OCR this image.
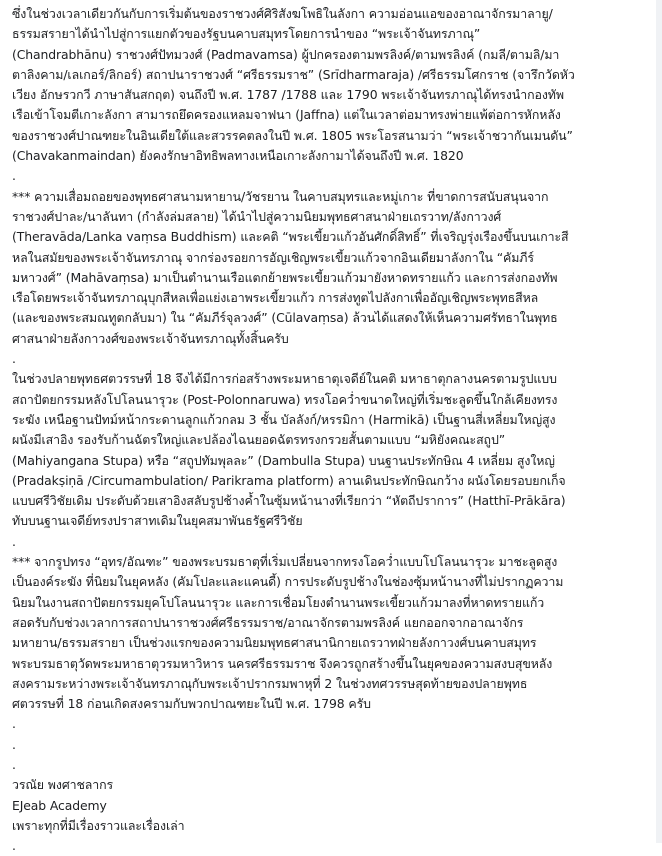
ซึ่งในช่วงเวลาเดียวกันกับการเริ่มต้นของราชวงศ์ศิริสังฆโพธิในลังกา ความอ่อนแอของอาณาจักรมาลายู/
ธรรมสรายาได้นำไปสู่การแยกตัวของรัฐบนคาบสมุทรโดยการนำของ “พระเจ้าจันทรภาณุ”
(Chandrabhānu) ราชวงศ์ปัทมวงศ์ (Padmavamsa) ผู้ปกครองตามพรลิงค์/ตามพรลิงค์ (กมลี/ตามลิ/มา
ตาลิงคาม/เลเกอร์/ลิกอร์) สถาปนาราชวงศ์ “ศรีธรรมราช” (Srīdharmaraja) /ศรีธรรมโศกราช (จารึกวัดหัว
เวียง อักษรวกวี ภาษาสันสกฤต) จนถึงปี พ.ศ. 1787 /1788 และ 1790 พระเจ้าจันทรภาณุได้ทรงนำกองทัพ
เรือเข้าโจมตีเกาะลังกา สามารถยึดครองแหลมจาฟนา (Jaffna) แต่ในเวลาต่อมาทรงพ่ายแพ้ต่อการหักหลัง
ของราชวงศ์ปาณฑยะในอินเดียใต้และสวรรคตลงในปี พ.ศ. 1805 พระโอรสนามว่า “พระเจ้าชวากันเมนดัน”
(Chavakanmaindan) ยังคงรักษาอิทธิพลทางเหนือเกาะลังกามาได้จนถึงปี พ.ศ. 1820
.
*** ความเสื่อมถอยของพุทธศาสนามหายาน/วัชรยาน ในคาบสมุทรและหมู่เกาะ ที่ขาดการสนับสนุนจาก
ราชวงศ์ปาละ/นาลันทา (กำลังล่มสลาย) ได้นำไปสู่ความนิยมพุทธศาสนาฝ่ายเถรวาท/ลังกาวงศ์
(Theravāda/Lanka vaṃsa Buddhism) และคติ “พระเขี้ยวแก้วอันศักดิ์สิทธิ์” ที่เจริญรุ่งเรืองขึ้นบนเกาะสี
หลในสมัยของพระเจ้าจันทรภาณุ จากร่องรอยการอัญเชิญพระเขี้ยวแก้วจากอินเดียมาลังกาใน “คัมภีร์
มหาวงศ์” (Mahāvaṃsa) มาเป็นตำนานเรือแตกย้ายพระเขี้ยวแก้วมายังหาดทรายแก้ว และการส่งกองทัพ
เรือโดยพระเจ้าจันทรภาณุบุกสีหลเพื่อแย่งเอาพระเขี้ยวแก้ว การส่งทูตไปลังกาเพื่ออัญเชิญพระพุทธสีหล
(และของพระสมณทูตกลับมา) ใน “คัมภีร์จุลวงศ์” (Cūlavaṃsa) ล้วนได้แสดงให้เห็นความศรัทธาในพุทธ
ศาสนาฝ่ายลังกาวงศ์ของพระเจ้าจันทรภาณุทั้งสิ้นครับ
.
ในช่วงปลายพุทธศตวรรษที่ 18 จึงได้มีการก่อสร้างพระมหาธาตุเจดีย์ในคติ มหาธาตุกลางนครตามรูปแบบ
สถาปัตยกรรมหลังโปโลนนารุวะ (Post-Polonnaruwa) ทรงโอคว่ำขนาดใหญ่ที่เริ่มชะลูดขึ้นใกล้เคียงทรง
ระฆัง เหนือฐานปัทม์หน้ากระดานลูกแก้วกลม 3 ชั้น บัลลังก์/หรรมิกา (Harmikā) เป็นฐานสี่เหลี่ยมใหญ่สูง
ผนังมีเสาอิง รองรับก้านฉัตรใหญ่และปล้องไฉนยอดฉัตรทรงกรวยสั้นตามแบบ “มหิยังคณะสถูป”
(Mahiyangana Stupa) หรือ “สถูปทัมพุลละ” (Dambulla Stupa) บนฐานประทักษิณ 4 เหลี่ยม สูงใหญ่
(Pradakṣiṇā /Circumambulation/ Parikrama platform) ลานเดินประทักษิณกว้าง ผนังโดยรอบยกเก็จ
แบบศรีวิชัยเดิม ประดับด้วยเสาอิงสลับรูปช้างค้ำในซุ้มหน้านางที่เรียกว่า “หัตถีปราการ” (Hatthī-Prākāra)
ทับบนฐานเจดีย์ทรงปราสาทเดิมในยุคสมาพันธรัฐศรีวิชัย
.
*** จากรูปทรง “อุทร/อัณฑะ” ของพระบรมธาตุที่เริ่มเปลี่ยนจากทรงโอคว่ำแบบโปโลนนารุวะ มาชะลูดสูง
เป็นองค์ระฆัง ที่นิยมในยุคหลัง (คัมโปละและแคนดี้) การประดับรูปช้างในช่องซุ้มหน้านางที่ไม่ปรากฏความ
นิยมในงานสถาปัตยกรรมยุคโปโลนนารุวะ และการเชื่อมโยงตำนานพระเขี้ยวแก้วมาลงที่หาดทรายแก้ว
สอดรับกับช่วงเวลาการสถาปนาราชวงศ์ศรีธรรมราช/อาณาจักรตามพรลิงค์ แยกออกจากอาณาจักร
มหายาน/ธรรมสรายา เป็นช่วงแรกของความนิยมพุทธศาสนานิกายเถรวาทฝ่ายลังกาวงศ์บนคาบสมุทร
พระบรมธาตุวัดพระมหาธาตุวรมหาวิหาร นครศรีธรรมราช จึงควรถูกสร้างขึ้นในยุคของความสงบสุขหลัง
สงครามระหว่างพระเจ้าจันทรภาณุกับพระเจ้าปรากรมพาหุที่ 2 ในช่วงทศวรรษสุดท้ายของปลายพุทธ
ศตวรรษที่ 18 ก่อนเกิดสงครามกับพวกปาณฑยะในปี พ.ศ. 1798 ครับ
.
.
.
วรณัย พงศาชลากร
EJeab Academy
เพราะทุกที่มีเรื่องราวและเรื่องเล่า
.
